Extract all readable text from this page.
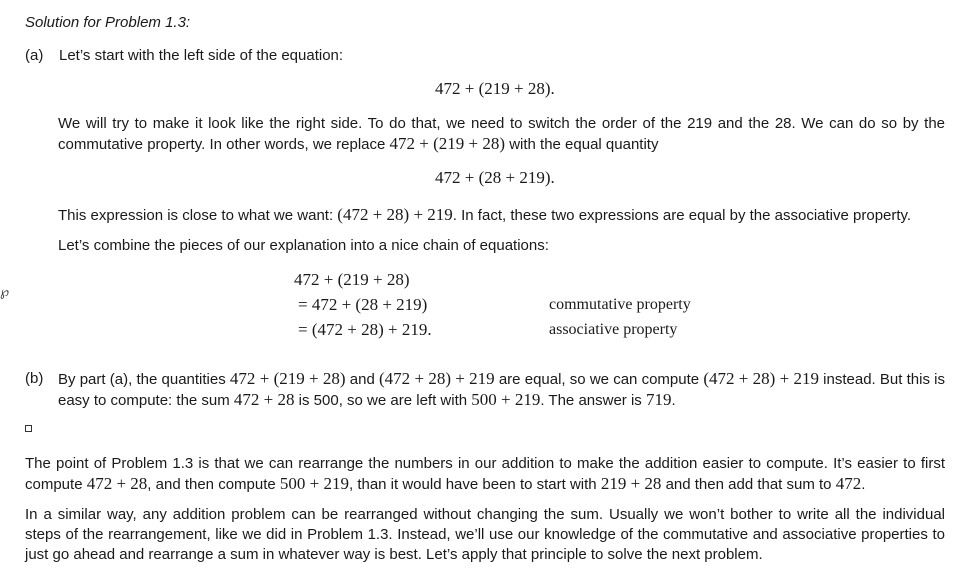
Solution for Problem 1.3:
(a) Let’s start with the left side of the equation:
472 + (219 + 28).
We will try to make it look like the right side. To do that, we need to switch the order of the 219 and the 28. We can do so by the commutative property. In other words, we replace 472 + (219 + 28) with the equal quantity
472 + (28 + 219).
This expression is close to what we want: (472 + 28) + 219. In fact, these two expressions are equal by the associative property.
Let’s combine the pieces of our explanation into a nice chain of equations:
472 + (219 + 28)
= 472 + (28 + 219)	commutative property
= (472 + 28) + 219.	associative property
℘
(b) By part (a), the quantities 472 + (219 + 28) and (472 + 28) + 219 are equal, so we can compute (472 + 28) + 219 instead. But this is easy to compute: the sum 472 + 28 is 500, so we are left with 500 + 219. The answer is 719.
The point of Problem 1.3 is that we can rearrange the numbers in our addition to make the addition easier to compute. It’s easier to first compute 472 + 28, and then compute 500 + 219, than it would have been to start with 219 + 28 and then add that sum to 472.
In a similar way, any addition problem can be rearranged without changing the sum. Usually we won’t bother to write all the individual steps of the rearrangement, like we did in Problem 1.3. Instead, we’ll use our knowledge of the commutative and associative properties to just go ahead and rearrange a sum in whatever way is best. Let’s apply that principle to solve the next problem.
